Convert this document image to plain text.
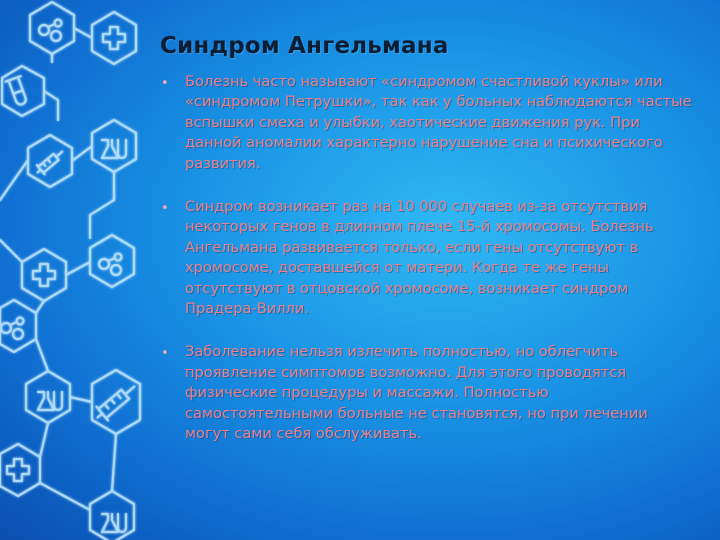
Синдром Ангельмана
• Болезнь часто называют «синдромом счастливой куклы» или «синдромом Петрушки», так как у больных наблюдаются частые вспышки смеха и улыбки, хаотические движения рук. При данной аномалии характерно нарушение сна и психического развития.
• Синдром возникает раз на 10 000 случаев из-за отсутствия некоторых генов в длинном плече 15-й хромосомы. Болезнь Ангельмана развивается только, если гены отсутствуют в хромосоме, доставшейся от матери. Когда те же гены отсутствуют в отцовской хромосоме, возникает синдром Прадера-Вилли.
• Заболевание нельзя излечить полностью, но облегчить проявление симптомов возможно. Для этого проводятся физические процедуры и массажи. Полностью самостоятельными больные не становятся, но при лечении могут сами себя обслуживать.
